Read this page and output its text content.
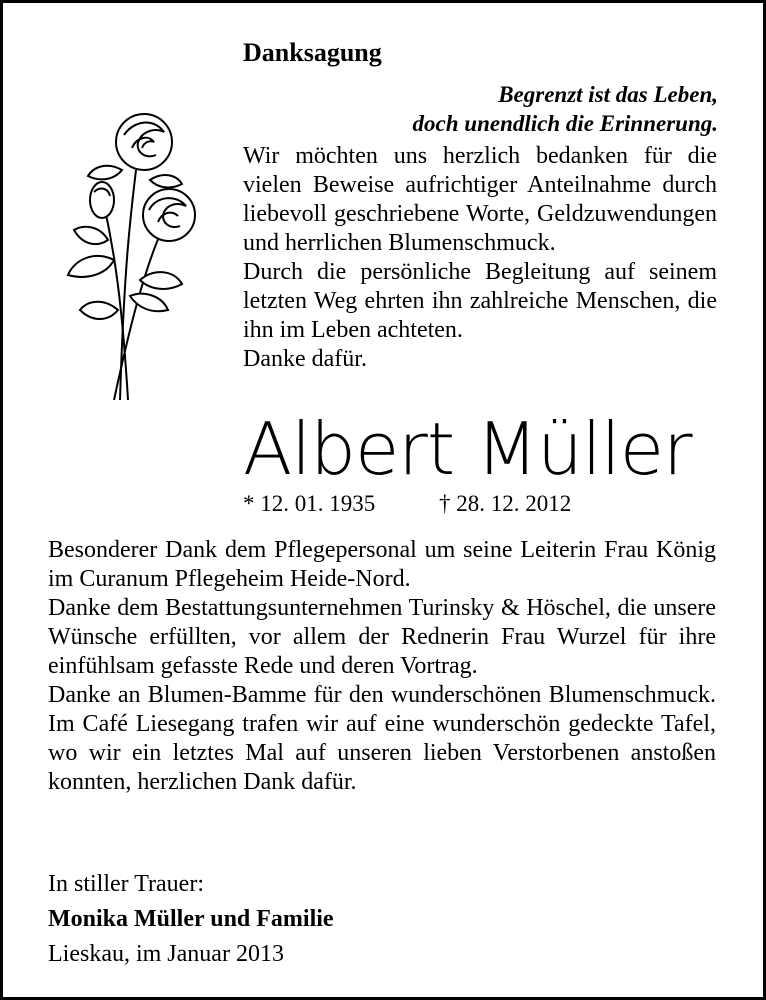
Danksagung
Begrenzt ist das Leben,
doch unendlich die Erinnerung.

Wir möchten uns herzlich bedanken für die vielen Beweise aufrichtiger Anteilnahme durch liebevoll geschriebene Worte, Geldzuwendungen und herrlichen Blumenschmuck.

Durch die persönliche Begleitung auf seinem letzten Weg ehrten ihn zahlreiche Menschen, die ihn im Leben achteten.

Danke dafür.

Albert Müller
* 12. 01. 1935	† 28. 12. 2012

Besonderer Dank dem Pflegepersonal um seine Leiterin Frau König im Curanum Pflegeheim Heide-Nord.

Danke dem Bestattungsunternehmen Turinsky & Höschel, die unsere Wünsche erfüllten, vor allem der Rednerin Frau Wurzel für ihre einfühlsam gefasste Rede und deren Vortrag.

Danke an Blumen-Bamme für den wunderschönen Blumenschmuck. Im Café Liesegang trafen wir auf eine wunderschön gedeckte Tafel, wo wir ein letztes Mal auf unseren lieben Verstorbenen anstoßen konnten, herzlichen Dank dafür.

In stiller Trauer:
Monika Müller und Familie
Lieskau, im Januar 2013
